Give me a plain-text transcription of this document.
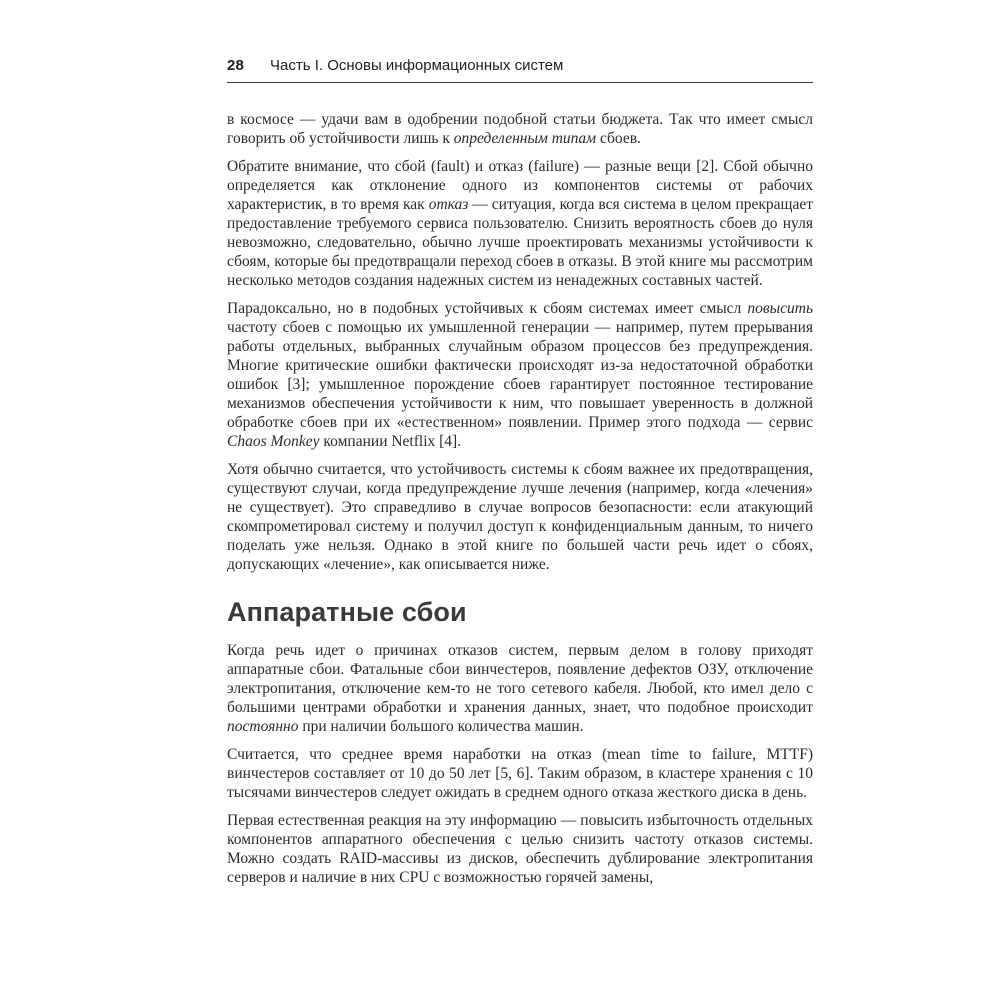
28 Часть I. Основы информационных систем

в космосе — удачи вам в одобрении подобной статьи бюджета. Так что имеет смысл говорить об устойчивости лишь к определенным типам сбоев.

Обратите внимание, что сбой (fault) и отказ (failure) — разные вещи [2]. Сбой обычно определяется как отклонение одного из компонентов системы от рабочих характеристик, в то время как отказ — ситуация, когда вся система в целом прекращает предоставление требуемого сервиса пользователю. Снизить вероятность сбоев до нуля невозможно, следовательно, обычно лучше проектировать механизмы устойчивости к сбоям, которые бы предотвращали переход сбоев в отказы. В этой книге мы рассмотрим несколько методов создания надежных систем из ненадежных составных частей.

Парадоксально, но в подобных устойчивых к сбоям системах имеет смысл повысить частоту сбоев с помощью их умышленной генерации — например, путем прерывания работы отдельных, выбранных случайным образом процессов без предупреждения. Многие критические ошибки фактически происходят из-за недостаточной обработки ошибок [3]; умышленное порождение сбоев гарантирует постоянное тестирование механизмов обеспечения устойчивости к ним, что повышает уверенность в должной обработке сбоев при их «естественном» появлении. Пример этого подхода — сервис Chaos Monkey компании Netflix [4].

Хотя обычно считается, что устойчивость системы к сбоям важнее их предотвращения, существуют случаи, когда предупреждение лучше лечения (например, когда «лечения» не существует). Это справедливо в случае вопросов безопасности: если атакующий скомпрометировал систему и получил доступ к конфиденциальным данным, то ничего поделать уже нельзя. Однако в этой книге по большей части речь идет о сбоях, допускающих «лечение», как описывается ниже.

Аппаратные сбои

Когда речь идет о причинах отказов систем, первым делом в голову приходят аппаратные сбои. Фатальные сбои винчестеров, появление дефектов ОЗУ, отключение электропитания, отключение кем-то не того сетевого кабеля. Любой, кто имел дело с большими центрами обработки и хранения данных, знает, что подобное происходит постоянно при наличии большого количества машин.

Считается, что среднее время наработки на отказ (mean time to failure, MTTF) винчестеров составляет от 10 до 50 лет [5, 6]. Таким образом, в кластере хранения с 10 тысячами винчестеров следует ожидать в среднем одного отказа жесткого диска в день.

Первая естественная реакция на эту информацию — повысить избыточность отдельных компонентов аппаратного обеспечения с целью снизить частоту отказов системы. Можно создать RAID-массивы из дисков, обеспечить дублирование электропитания серверов и наличие в них CPU с возможностью горячей замены,
